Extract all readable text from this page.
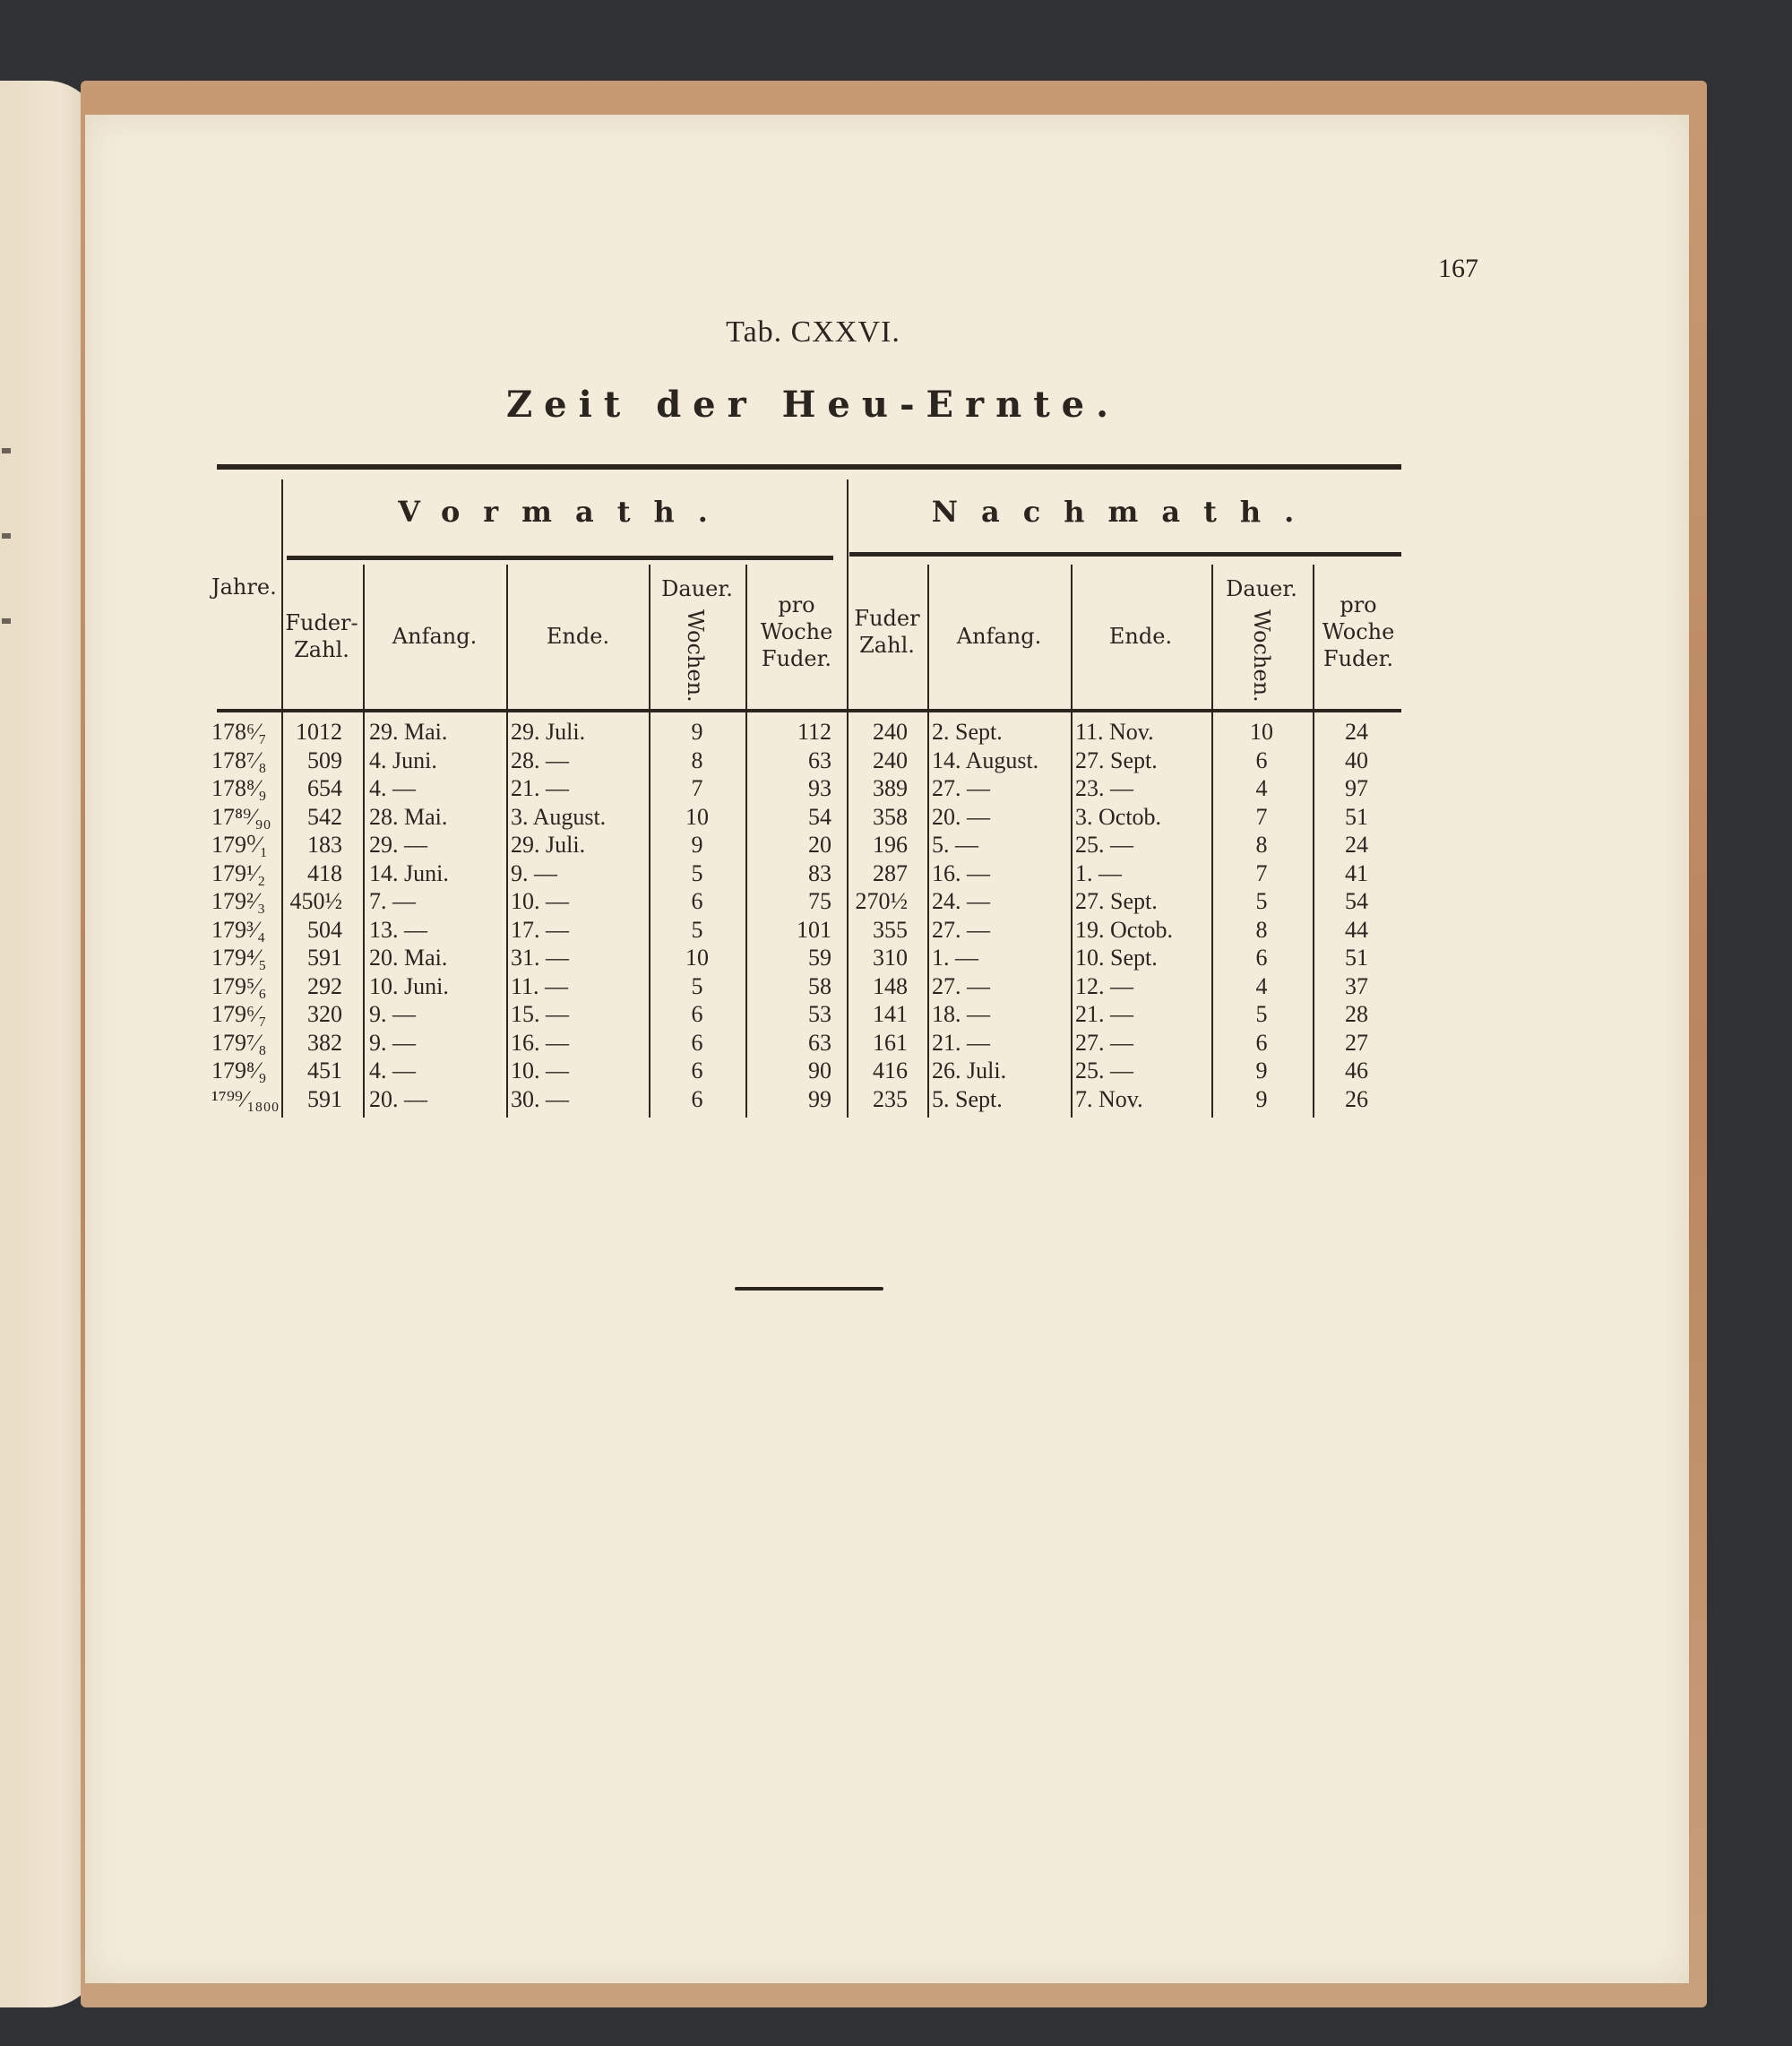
167
Tab. CXXVI.
Zeit der Heu-Ernte.
Vormath.	Nachmath.
Jahre.
Fuder-Zahl.
Anfang.	Ende.
Dauer.
Wochen.
pro Woche Fuder.
Fuder Zahl.	Anfang.	Ende.
Dauer.
Wochen.
pro Woche Fuder.
178⁶⁄₇	1012 29. Mai.	29. Juli.	9	112	240 2. Sept.	11. Nov.	10	24
178⁷⁄₈	509 4. Juni.	28. —	8	63	240 14. August.	27. Sept.	6	40
178⁸⁄₉	654 4. —	21. —	7	93	389 27. —	23. —	4	97
17⁸⁹⁄₉₀	542 28. Mai.	3. August.	10	54	358 20. —	3. Octob.	7	51
179⁰⁄₁	183 29. —	29. Juli.	9	20	196 5. —	25. —	8	24
179¹⁄₂	418 14. Juni.	9. —	5	83	287 16. —	1. —	7	41
179²⁄₃	450½ 7. —	10. —	6	75 270½ 24. —	27. Sept.	5	54
179³⁄₄	504 13. —	17. —	5	101	355 27. —	19. Octob.	8	44
179⁴⁄₅	591 20. Mai.	31. —	10	59	310 1. —	10. Sept.	6	51
179⁵⁄₆	292 10. Juni.	11. —	5	58	148 27. —	12. —	4	37
179⁶⁄₇	320 9. —	15. —	6	53	141 18. —	21. —	5	28
179⁷⁄₈	382 9. —	16. —	6	63	161 21. —	27. —	6	27
179⁸⁄₉	451 4. —	10. —	6	90	416 26. Juli.	25. —	9	46
¹⁷⁹⁹⁄₁₈₀₀	591 20. —	30. —	6	99	235 5. Sept.	7. Nov.	9	26
